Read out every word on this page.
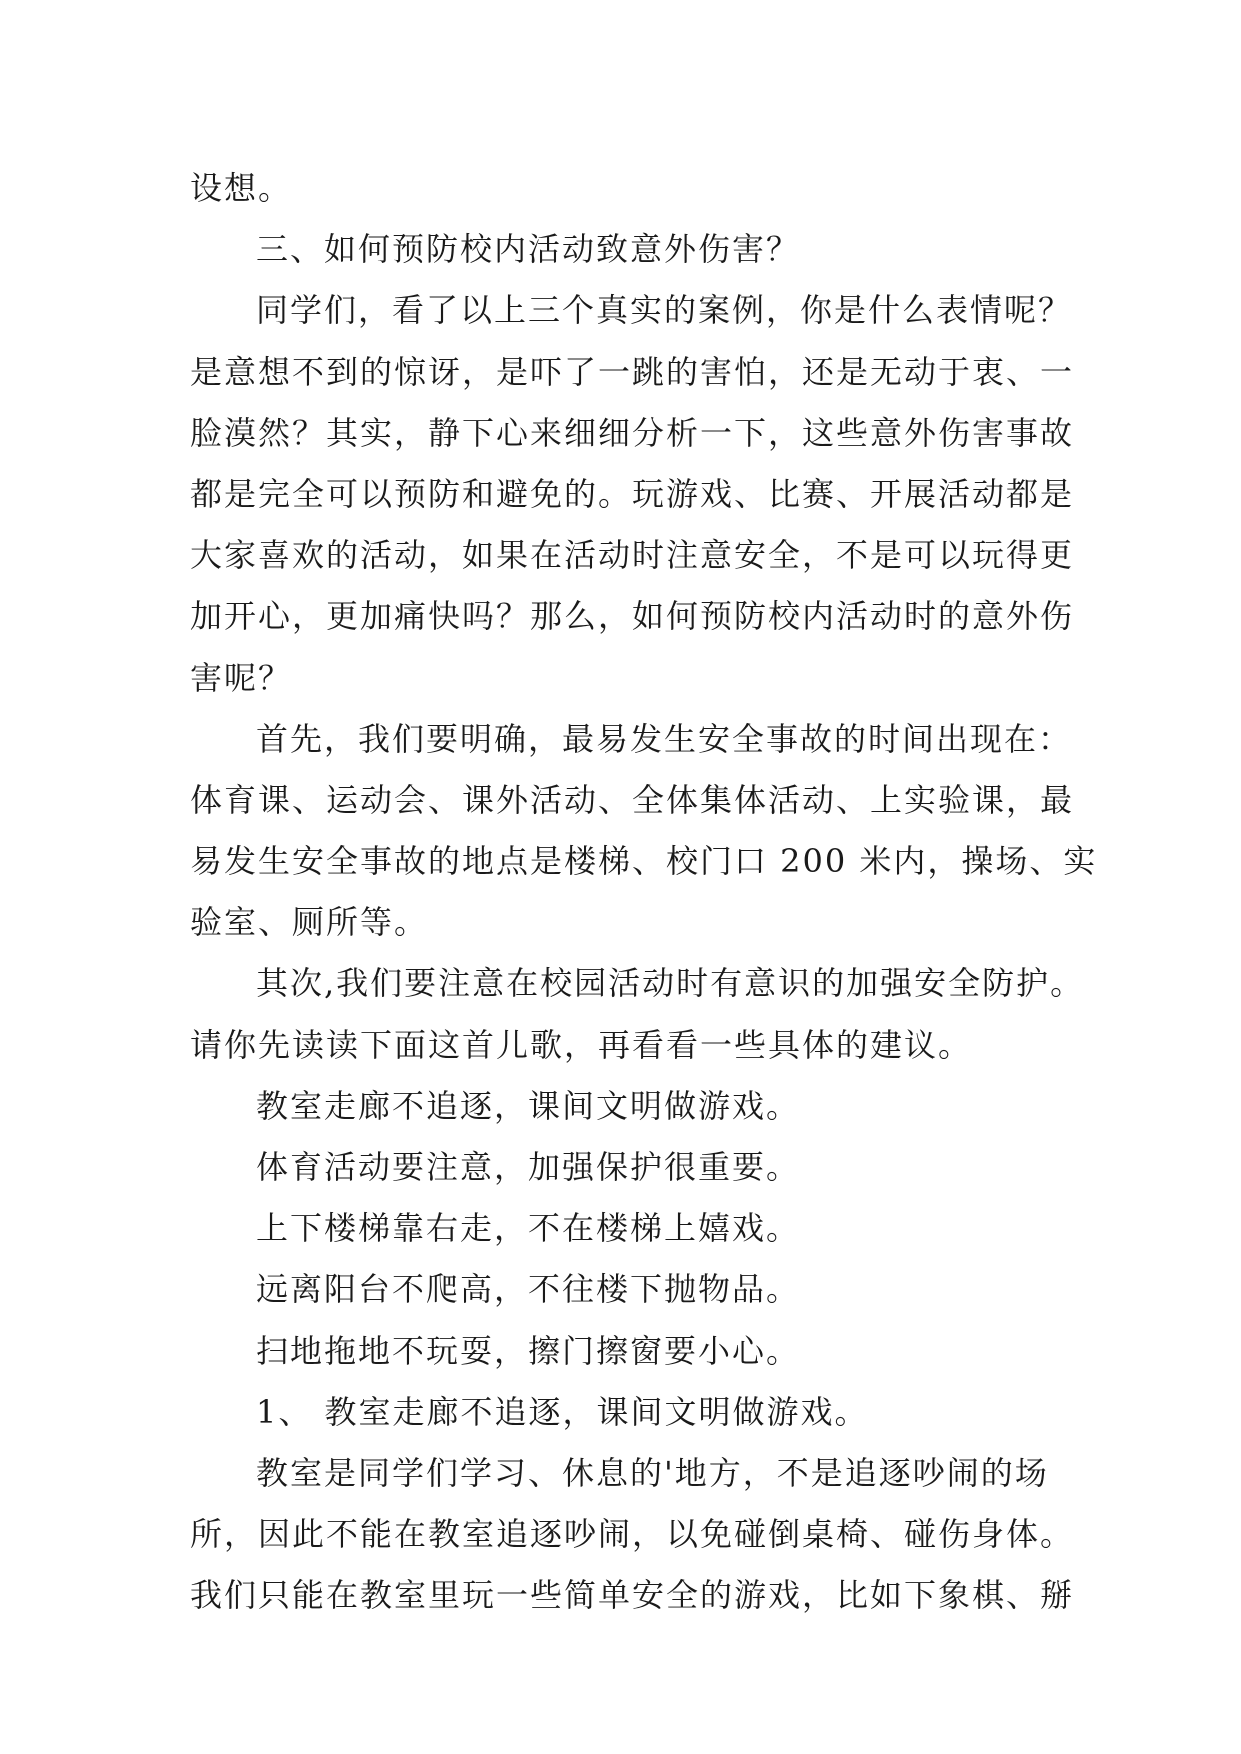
设想。
三、如何预防校内活动致意外伤害？
同学们，看了以上三个真实的案例，你是什么表情呢？
是意想不到的惊讶，是吓了一跳的害怕，还是无动于衷、一
脸漠然？其实，静下心来细细分析一下，这些意外伤害事故
都是完全可以预防和避免的。玩游戏、比赛、开展活动都是
大家喜欢的活动，如果在活动时注意安全，不是可以玩得更
加开心，更加痛快吗？那么，如何预防校内活动时的意外伤
害呢？
首先，我们要明确，最易发生安全事故的时间出现在：
体育课、运动会、课外活动、全体集体活动、上实验课，最
易发生安全事故的地点是楼梯、校门口 200 米内，操场、实
验室、厕所等。
其次,我们要注意在校园活动时有意识的加强安全防护。
请你先读读下面这首儿歌，再看看一些具体的建议。
教室走廊不追逐，课间文明做游戏。
体育活动要注意，加强保护很重要。
上下楼梯靠右走，不在楼梯上嬉戏。
远离阳台不爬高，不往楼下抛物品。
扫地拖地不玩耍，擦门擦窗要小心。
1、 教室走廊不追逐，课间文明做游戏。
教室是同学们学习、休息的'地方，不是追逐吵闹的场
所，因此不能在教室追逐吵闹，以免碰倒桌椅、碰伤身体。
我们只能在教室里玩一些简单安全的游戏，比如下象棋、掰
